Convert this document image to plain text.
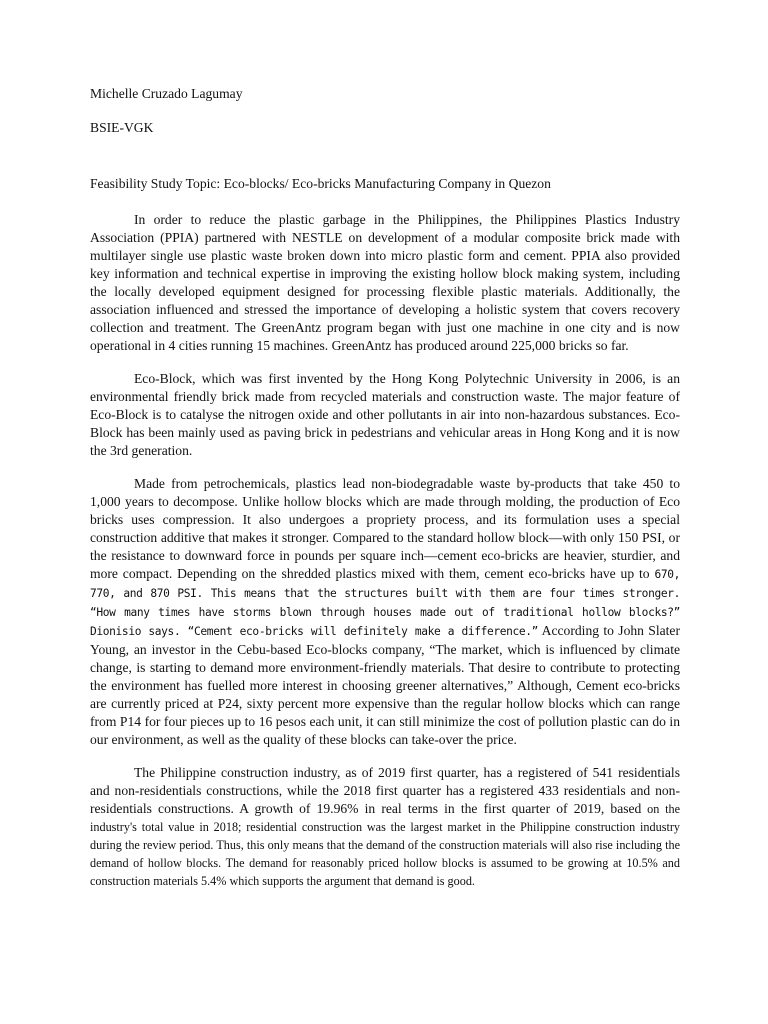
Michelle Cruzado Lagumay

BSIE-VGK

Feasibility Study Topic: Eco-blocks/ Eco-bricks Manufacturing Company in Quezon

In order to reduce the plastic garbage in the Philippines, the Philippines Plastics Industry Association (PPIA) partnered with NESTLE on development of a modular composite brick made with multilayer single use plastic waste broken down into micro plastic form and cement. PPIA also provided key information and technical expertise in improving the existing hollow block making system, including the locally developed equipment designed for processing flexible plastic materials. Additionally, the association influenced and stressed the importance of developing a holistic system that covers recovery collection and treatment. The GreenAntz program began with just one machine in one city and is now operational in 4 cities running 15 machines. GreenAntz has produced around 225,000 bricks so far.

Eco-Block, which was first invented by the Hong Kong Polytechnic University in 2006, is an environmental friendly brick made from recycled materials and construction waste. The major feature of Eco-Block is to catalyse the nitrogen oxide and other pollutants in air into non-hazardous substances. Eco-Block has been mainly used as paving brick in pedestrians and vehicular areas in Hong Kong and it is now the 3rd generation.

Made from petrochemicals, plastics lead non-biodegradable waste by-products that take 450 to 1,000 years to decompose. Unlike hollow blocks which are made through molding, the production of Eco bricks uses compression. It also undergoes a propriety process, and its formulation uses a special construction additive that makes it stronger. Compared to the standard hollow block—with only 150 PSI, or the resistance to downward force in pounds per square inch—cement eco-bricks are heavier, sturdier, and more compact. Depending on the shredded plastics mixed with them, cement eco-bricks have up to 670, 770, and 870 PSI. This means that the structures built with them are four times stronger. “How many times have storms blown through houses made out of traditional hollow blocks?” Dionisio says. “Cement eco-bricks will definitely make a difference.” According to John Slater Young, an investor in the Cebu-based Eco-blocks company, “The market, which is influenced by climate change, is starting to demand more environment-friendly materials. That desire to contribute to protecting the environment has fuelled more interest in choosing greener alternatives,” Although, Cement eco-bricks are currently priced at P24, sixty percent more expensive than the regular hollow blocks which can range from P14 for four pieces up to 16 pesos each unit, it can still minimize the cost of pollution plastic can do in our environment, as well as the quality of these blocks can take-over the price.

The Philippine construction industry, as of 2019 first quarter, has a registered of 541 residentials and non-residentials constructions, while the 2018 first quarter has a registered 433 residentials and non-residentials constructions. A growth of 19.96% in real terms in the first quarter of 2019, based on the industry's total value in 2018; residential construction was the largest market in the Philippine construction industry during the review period. Thus, this only means that the demand of the construction materials will also rise including the demand of hollow blocks. The demand for reasonably priced hollow blocks is assumed to be growing at 10.5% and construction materials 5.4% which supports the argument that demand is good.
